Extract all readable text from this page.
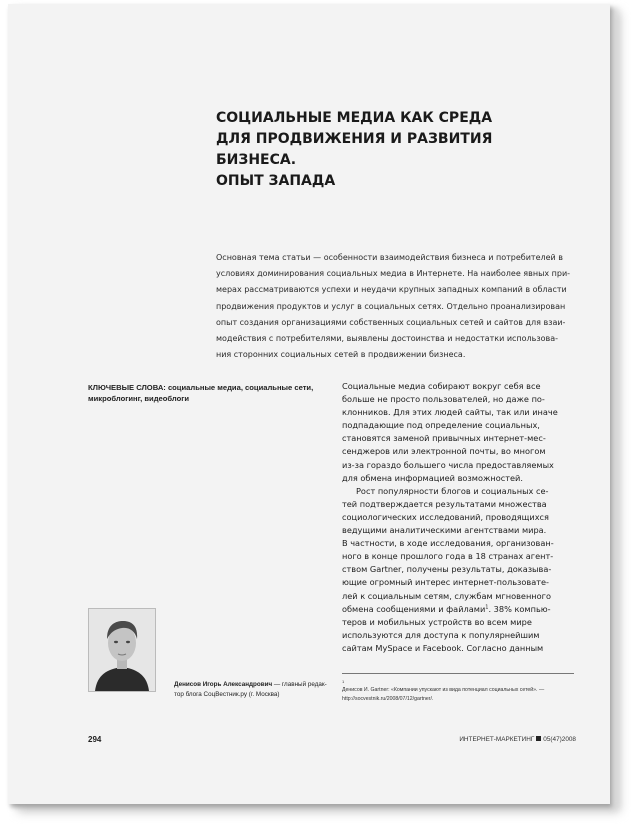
СОЦИАЛЬНЫЕ МЕДИА КАК СРЕДА
ДЛЯ ПРОДВИЖЕНИЯ И РАЗВИТИЯ БИЗНЕСА.
ОПЫТ ЗАПАДА

Основная тема статьи — особенности взаимодействия бизнеса и потребителей в
условиях доминирования социальных медиа в Интернете. На наиболее явных при-
мерах рассматриваются успехи и неудачи крупных западных компаний в области
продвижения продуктов и услуг в социальных сетях. Отдельно проанализирован
опыт создания организациями собственных социальных сетей и сайтов для взаи-
модействия с потребителями, выявлены достоинства и недостатки использова-
ния сторонних социальных сетей в продвижении бизнеса.

КЛЮЧЕВЫЕ СЛОВА: социальные медиа, социальные сети,
микроблогинг, видеоблоги
Социальные медиа собирают вокруг себя все
больше не просто пользователей, но даже по-
клонников. Для этих людей сайты, так или иначе
подпадающие под определение социальных,
становятся заменой привычных интернет-мес-
сенджеров или электронной почты, во многом
из-за гораздо большего числа предоставляемых
для обмена информацией возможностей.
Рост популярности блогов и социальных се-
тей подтверждается результатами множества
социологических исследований, проводящихся
ведущими аналитическими агентствами мира.
В частности, в ходе исследования, организован-
ного в конце прошлого года в 18 странах агент-
ством Gartner, получены результаты, доказыва-
ющие огромный интерес интернет-пользовате-
лей к социальным сетям, службам мгновенного
обмена сообщениями и файлами$^1$. 38% компью-
теров и мобильных устройств во всем мире
используются для доступа к популярнейшим
сайтам MySpace и Facebook. Согласно данным
Денисов Игорь Александрович — главный редак-
тор блога СоцВестник.ру (г. Москва)
1
Денисов И. Gartner: «Компании упускают из вида потенциал социальных сетей». —
http://socvestnik.ru/2008/07/12/gartner/.
294	ИНТЕРНЕТ-МАРКЕТИНГ 05(47)2008
